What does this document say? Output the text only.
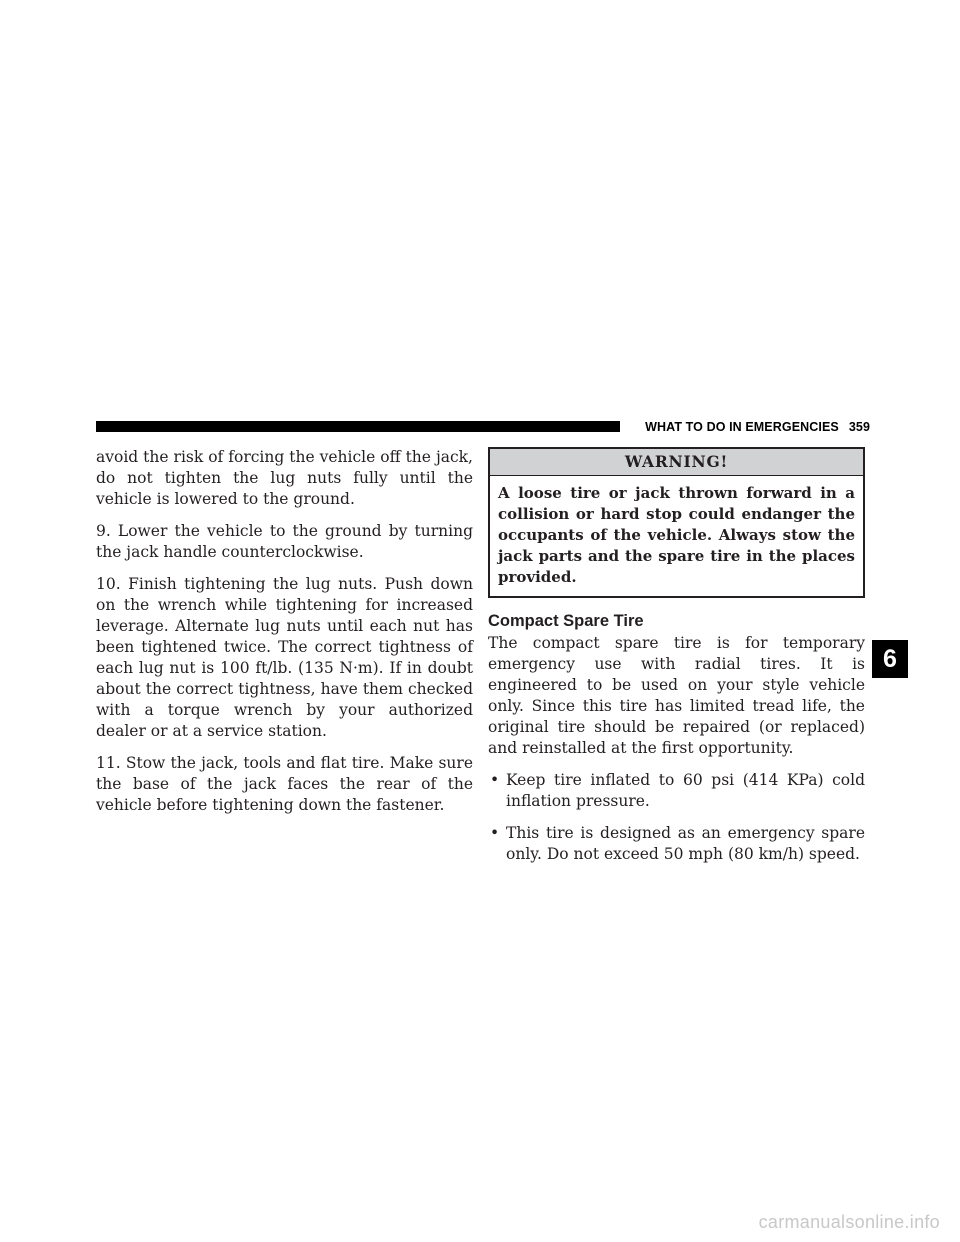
WHAT TO DO IN EMERGENCIES 359

avoid the risk of forcing the vehicle off the jack, do not tighten the lug nuts fully until the vehicle is lowered to the ground.

9. Lower the vehicle to the ground by turning the jack handle counterclockwise.

10. Finish tightening the lug nuts. Push down on the wrench while tightening for increased leverage. Alternate lug nuts until each nut has been tightened twice. The correct tightness of each lug nut is 100 ft/lb. (135 N·m). If in doubt about the correct tightness, have them checked with a torque wrench by your authorized dealer or at a service station.

11. Stow the jack, tools and flat tire. Make sure the base of the jack faces the rear of the vehicle before tightening down the fastener.

WARNING!
A loose tire or jack thrown forward in a collision or hard stop could endanger the occupants of the vehicle. Always stow the jack parts and the spare tire in the places provided.
Compact Spare Tire

The compact spare tire is for temporary emergency use with radial tires. It is engineered to be used on your style vehicle only. Since this tire has limited tread life, the original tire should be repaired (or replaced) and reinstalled at the first opportunity.

• Keep tire inflated to 60 psi (414 KPa) cold inflation pressure.
• This tire is designed as an emergency spare only. Do not exceed 50 mph (80 km/h) speed.
6
carmanualsonline.info
